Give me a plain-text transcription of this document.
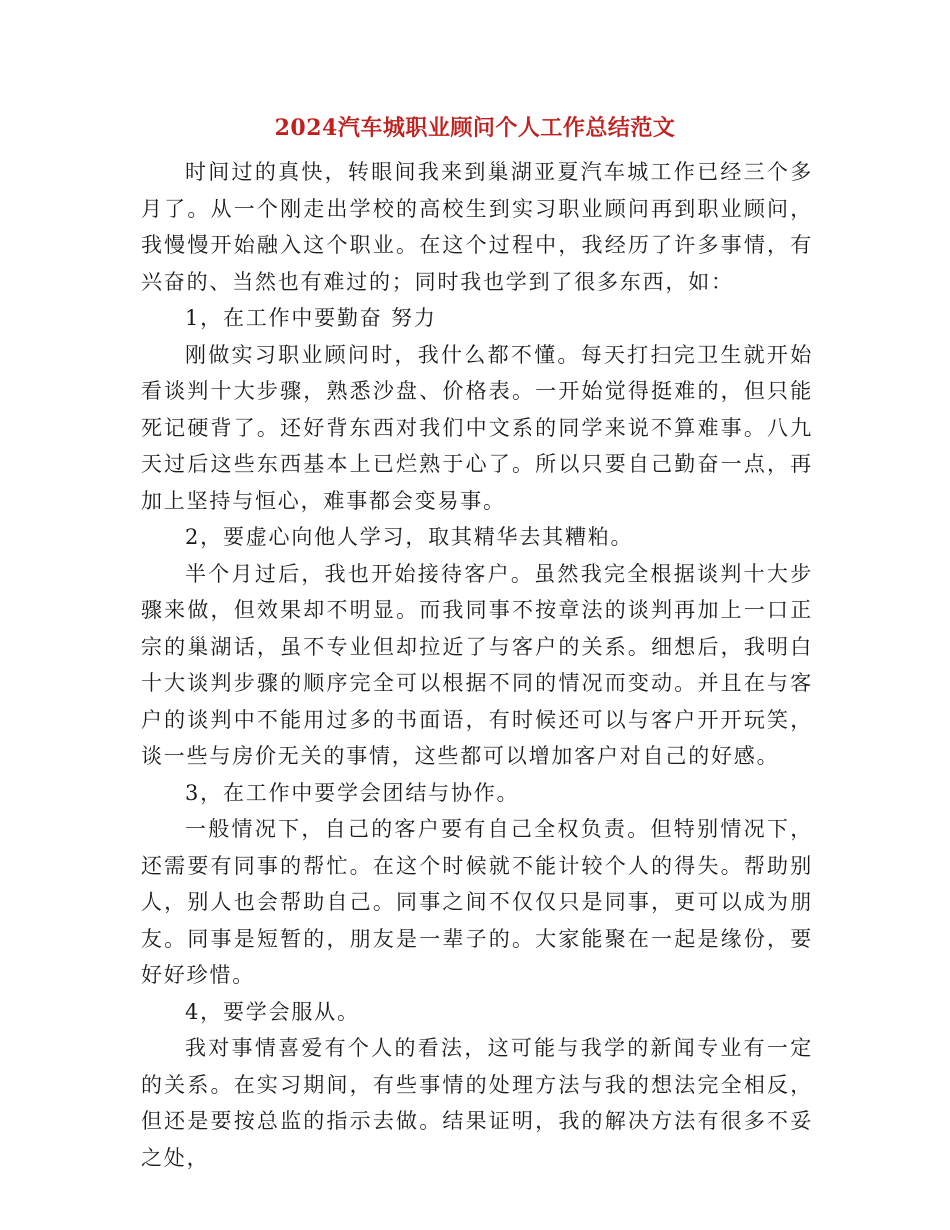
2024汽车城职业顾问个人工作总结范文

时间过的真快，转眼间我来到巢湖亚夏汽车城工作已经三个多月了。从一个刚走出学校的高校生到实习职业顾问再到职业顾问，我慢慢开始融入这个职业。在这个过程中，我经历了许多事情，有兴奋的、当然也有难过的；同时我也学到了很多东西，如：

1，在工作中要勤奋 努力

刚做实习职业顾问时，我什么都不懂。每天打扫完卫生就开始看谈判十大步骤，熟悉沙盘、价格表。一开始觉得挺难的，但只能死记硬背了。还好背东西对我们中文系的同学来说不算难事。八九天过后这些东西基本上已烂熟于心了。所以只要自己勤奋一点，再加上坚持与恒心，难事都会变易事。

2，要虚心向他人学习，取其精华去其糟粕。

半个月过后，我也开始接待客户。虽然我完全根据谈判十大步骤来做，但效果却不明显。而我同事不按章法的谈判再加上一口正宗的巢湖话，虽不专业但却拉近了与客户的关系。细想后，我明白十大谈判步骤的顺序完全可以根据不同的情况而变动。并且在与客户的谈判中不能用过多的书面语，有时候还可以与客户开开玩笑，谈一些与房价无关的事情，这些都可以增加客户对自己的好感。

3，在工作中要学会团结与协作。

一般情况下，自己的客户要有自己全权负责。但特别情况下，还需要有同事的帮忙。在这个时候就不能计较个人的得失。帮助别人，别人也会帮助自己。同事之间不仅仅只是同事，更可以成为朋友。同事是短暂的，朋友是一辈子的。大家能聚在一起是缘份，要好好珍惜。

4，要学会服从。

我对事情喜爱有个人的看法，这可能与我学的新闻专业有一定的关系。在实习期间，有些事情的处理方法与我的想法完全相反，但还是要按总监的指示去做。结果证明，我的解决方法有很多不妥之处，
